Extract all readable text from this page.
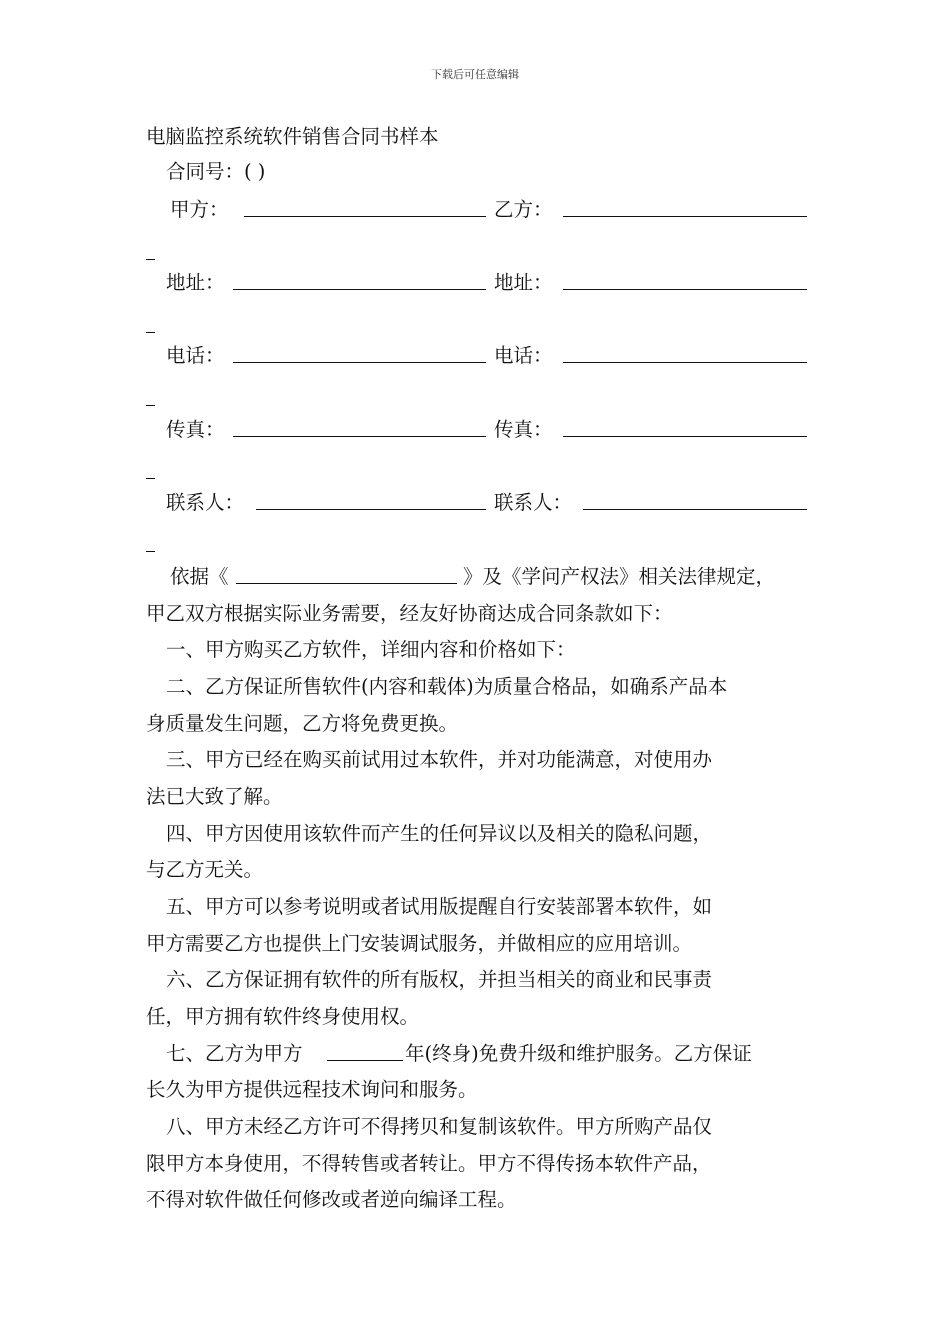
下载后可任意编辑
电脑监控系统软件销售合同书样本
合同号：( )
甲方：	乙方：
地址：	地址：
电话：	电话：
传真：	传真：
联系人：	联系人：
依据《	》及《学问产权法》相关法律规定，
甲乙双方根据实际业务需要，经友好协商达成合同条款如下：
一、甲方购买乙方软件，详细内容和价格如下：
二、乙方保证所售软件(内容和载体)为质量合格品，如确系产品本
身质量发生问题，乙方将免费更换。
三、甲方已经在购买前试用过本软件，并对功能满意，对使用办
法已大致了解。
四、甲方因使用该软件而产生的任何异议以及相关的隐私问题，
与乙方无关。
五、甲方可以参考说明或者试用版提醒自行安装部署本软件，如
甲方需要乙方也提供上门安装调试服务，并做相应的应用培训。
六、乙方保证拥有软件的所有版权，并担当相关的商业和民事责
任，甲方拥有软件终身使用权。
七、乙方为甲方	年(终身)免费升级和维护服务。乙方保证
长久为甲方提供远程技术询问和服务。
八、甲方未经乙方许可不得拷贝和复制该软件。甲方所购产品仅
限甲方本身使用，不得转售或者转让。甲方不得传扬本软件产品，
不得对软件做任何修改或者逆向编译工程。
